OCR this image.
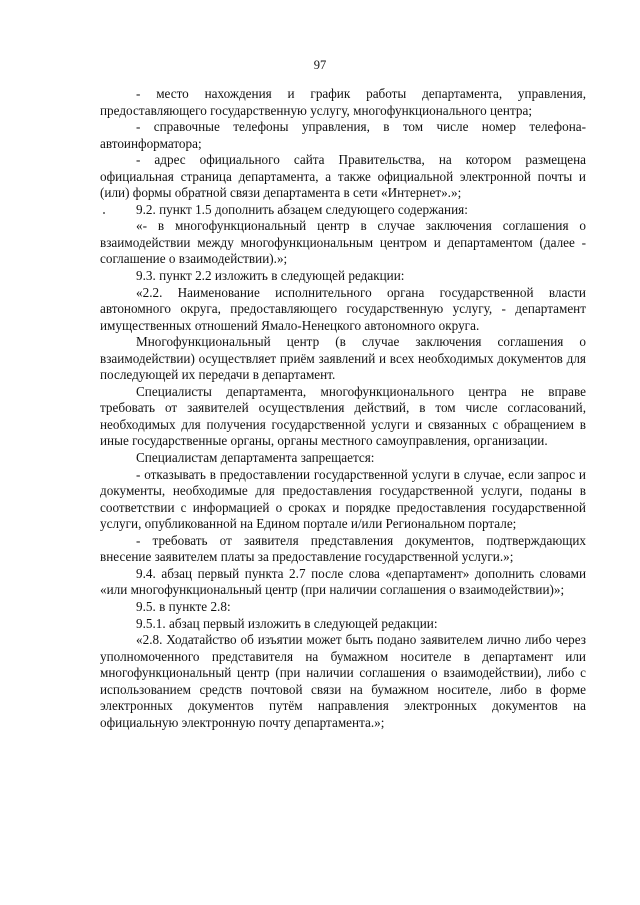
97

- место нахождения и график работы департамента, управления, предоставляющего государственную услугу, многофункционального центра;

- справочные телефоны управления, в том числе номер телефона-автоинформатора;

- адрес официального сайта Правительства, на котором размещена официальная страница департамента, а также официальной электронной почты и (или) формы обратной связи департамента в сети «Интернет».»;

9.2. пункт 1.5 дополнить абзацем следующего содержания:

«- в многофункциональный центр в случае заключения соглашения о взаимодействии между многофункциональным центром и департаментом (далее - соглашение о взаимодействии).»;

9.3. пункт 2.2 изложить в следующей редакции:

«2.2. Наименование исполнительного органа государственной власти автономного округа, предоставляющего государственную услугу, - департамент имущественных отношений Ямало-Ненецкого автономного округа.

Многофункциональный центр (в случае заключения соглашения о взаимодействии) осуществляет приём заявлений и всех необходимых документов для последующей их передачи в департамент.

Специалисты департамента, многофункционального центра не вправе требовать от заявителей осуществления действий, в том числе согласований, необходимых для получения государственной услуги и связанных с обращением в иные государственные органы, органы местного самоуправления, организации.

Специалистам департамента запрещается:

- отказывать в предоставлении государственной услуги в случае, если запрос и документы, необходимые для предоставления государственной услуги, поданы в соответствии с информацией о сроках и порядке предоставления государственной услуги, опубликованной на Едином портале и/или Региональном портале;

- требовать от заявителя представления документов, подтверждающих внесение заявителем платы за предоставление государственной услуги.»;

9.4. абзац первый пункта 2.7 после слова «департамент» дополнить словами «или многофункциональный центр (при наличии соглашения о взаимодействии)»;

9.5. в пункте 2.8:

9.5.1. абзац первый изложить в следующей редакции:

«2.8. Ходатайство об изъятии может быть подано заявителем лично либо через уполномоченного представителя на бумажном носителе в департамент или многофункциональный центр (при наличии соглашения о взаимодействии), либо с использованием средств почтовой связи на бумажном носителе, либо в форме электронных документов путём направления электронных документов на официальную электронную почту департамента.»;
